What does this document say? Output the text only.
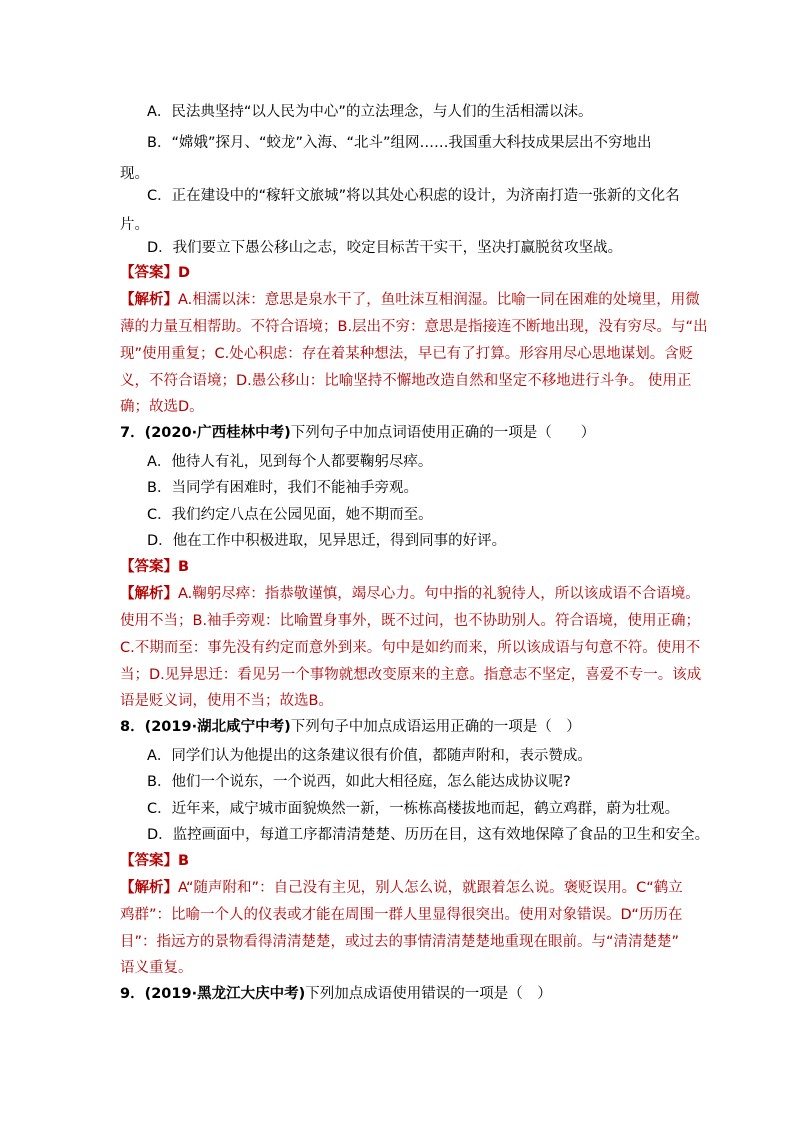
A．民法典坚持“以人民为中心”的立法理念，与人们的生活相濡以沫。
B．“嫦娥”探月、“蛟龙”入海、“北斗”组网……我国重大科技成果层出不穷地出
现。
C．正在建设中的“稼轩文旅城”将以其处心积虑的设计，为济南打造一张新的文化名
片。
D．我们要立下愚公移山之志，咬定目标苦干实干，坚决打赢脱贫攻坚战。
【答案】D
【解析】A.相濡以沫：意思是泉水干了，鱼吐沫互相润湿。比喻一同在困难的处境里，用微
薄的力量互相帮助。不符合语境；B.层出不穷：意思是指接连不断地出现，没有穷尽。与“出
现”使用重复；C.处心积虑：存在着某种想法，早已有了打算。形容用尽心思地谋划。含贬
义，不符合语境；D.愚公移山：比喻坚持不懈地改造自然和坚定不移地进行斗争。 使用正
确；故选D。
7．(2020·广西桂林中考)下列句子中加点词语使用正确的一项是（　　）
A．他待人有礼，见到每个人都要鞠躬尽瘁。
B．当同学有困难时，我们不能袖手旁观。
C．我们约定八点在公园见面，她不期而至。
D．他在工作中积极进取，见异思迁，得到同事的好评。
【答案】B
【解析】A.鞠躬尽瘁：指恭敬谨慎，竭尽心力。句中指的礼貌待人，所以该成语不合语境。
使用不当；B.袖手旁观：比喻置身事外，既不过问，也不协助别人。符合语境，使用正确；
C.不期而至：事先没有约定而意外到来。句中是如约而来，所以该成语与句意不符。使用不
当；D.见异思迁：看见另一个事物就想改变原来的主意。指意志不坚定，喜爱不专一。该成
语是贬义词，使用不当；故选B。
8．(2019·湖北咸宁中考)下列句子中加点成语运用正确的一项是（　）
A．同学们认为他提出的这条建议很有价值，都随声附和，表示赞成。
B．他们一个说东，一个说西，如此大相径庭，怎么能达成协议呢?
C．近年来，咸宁城市面貌焕然一新，一栋栋高楼拔地而起，鹤立鸡群，蔚为壮观。
D．监控画面中，每道工序都清清楚楚、历历在目，这有效地保障了食品的卫生和安全。
【答案】B
【解析】A“随声附和”：自己没有主见，别人怎么说，就跟着怎么说。褒贬误用。C“鹤立
鸡群”：比喻一个人的仪表或才能在周围一群人里显得很突出。使用对象错误。D“历历在
目”：指远方的景物看得清清楚楚，或过去的事情清清楚楚地重现在眼前。与“清清楚楚”
语义重复。
9．(2019·黑龙江大庆中考)下列加点成语使用错误的一项是（　）
